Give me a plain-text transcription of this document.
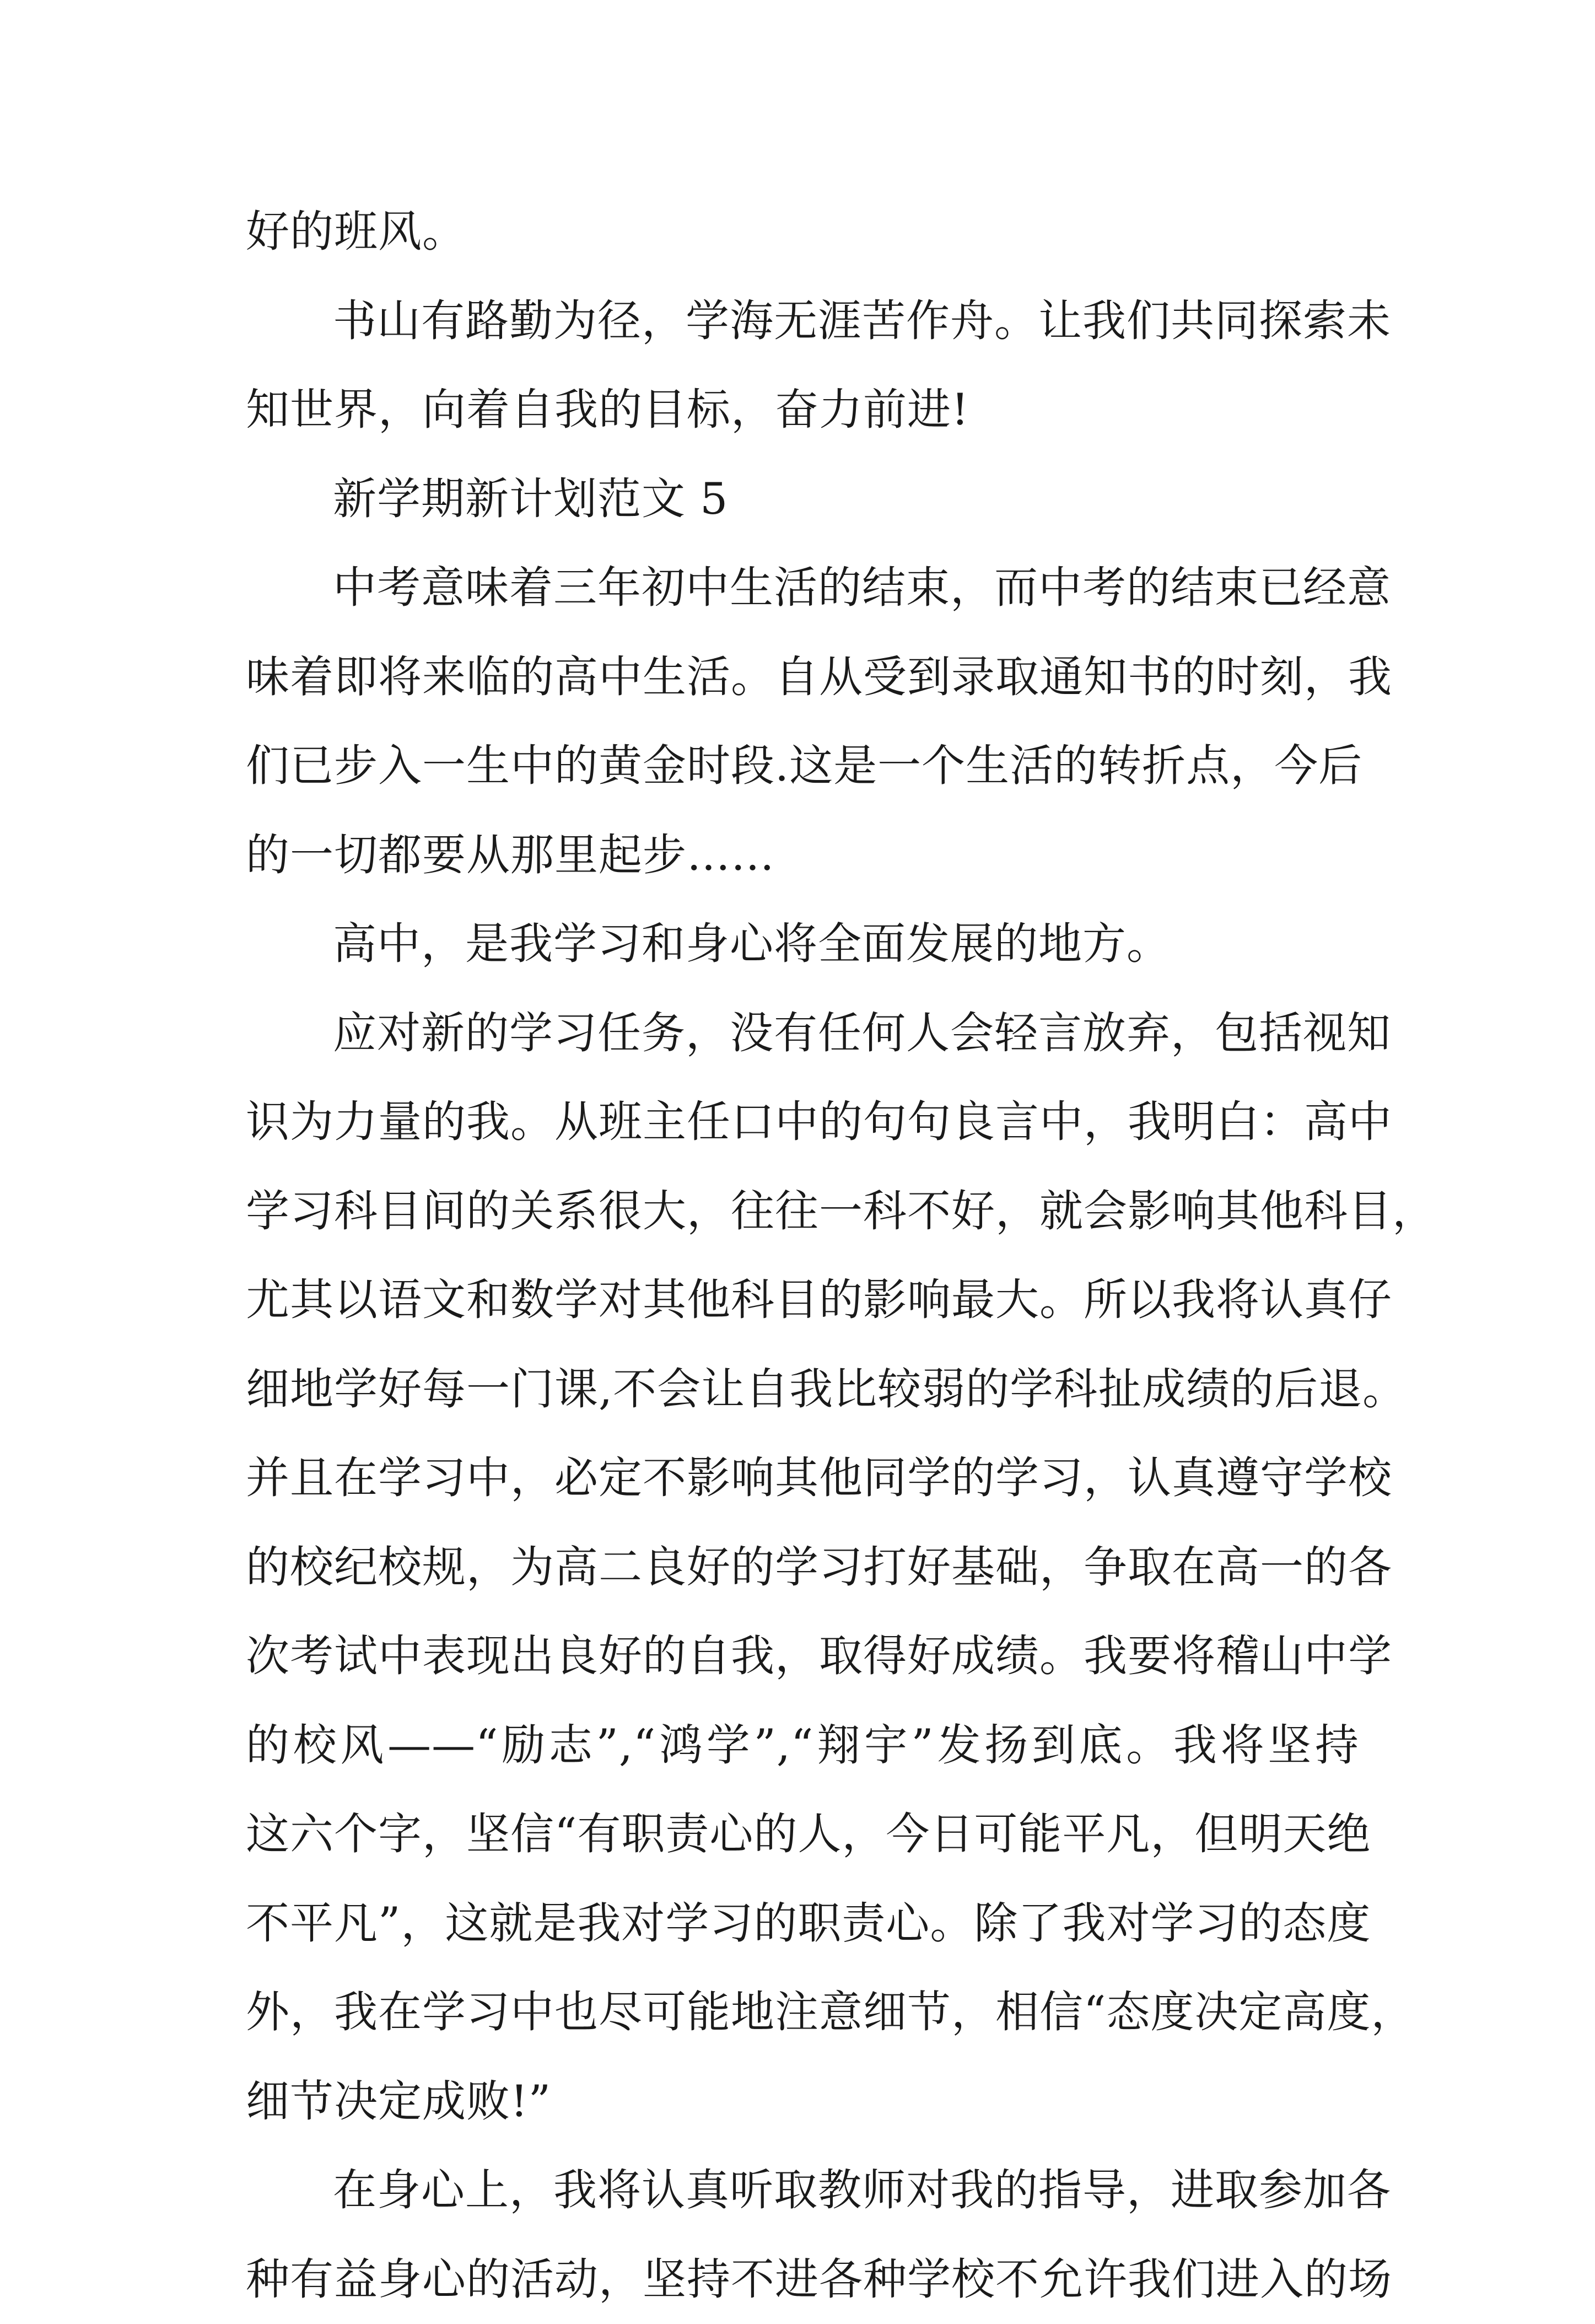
好的班风。
书山有路勤为径，学海无涯苦作舟。让我们共同探索未
知世界，向着自我的目标，奋力前进!
新学期新计划范文 5
中考意味着三年初中生活的结束，而中考的结束已经意
味着即将来临的高中生活。自从受到录取通知书的时刻，我
们已步入一生中的黄金时段.这是一个生活的转折点，今后
的一切都要从那里起步……
高中，是我学习和身心将全面发展的地方。
应对新的学习任务，没有任何人会轻言放弃，包括视知
识为力量的我。从班主任口中的句句良言中，我明白：高中
学习科目间的关系很大，往往一科不好，就会影响其他科目，
尤其以语文和数学对其他科目的影响最大。所以我将认真仔
细地学好每一门课,不会让自我比较弱的学科扯成绩的后退。
并且在学习中，必定不影响其他同学的学习，认真遵守学校
的校纪校规，为高二良好的学习打好基础，争取在高一的各
次考试中表现出良好的自我，取得好成绩。我要将稽山中学
的校风——“励志”,“鸿学”,“翔宇”发扬到底。我将坚持
这六个字，坚信“有职责心的人，今日可能平凡，但明天绝
不平凡”，这就是我对学习的职责心。除了我对学习的态度
外，我在学习中也尽可能地注意细节，相信“态度决定高度，
细节决定成败!”
在身心上，我将认真听取教师对我的指导，进取参加各
种有益身心的活动，坚持不进各种学校不允许我们进入的场
